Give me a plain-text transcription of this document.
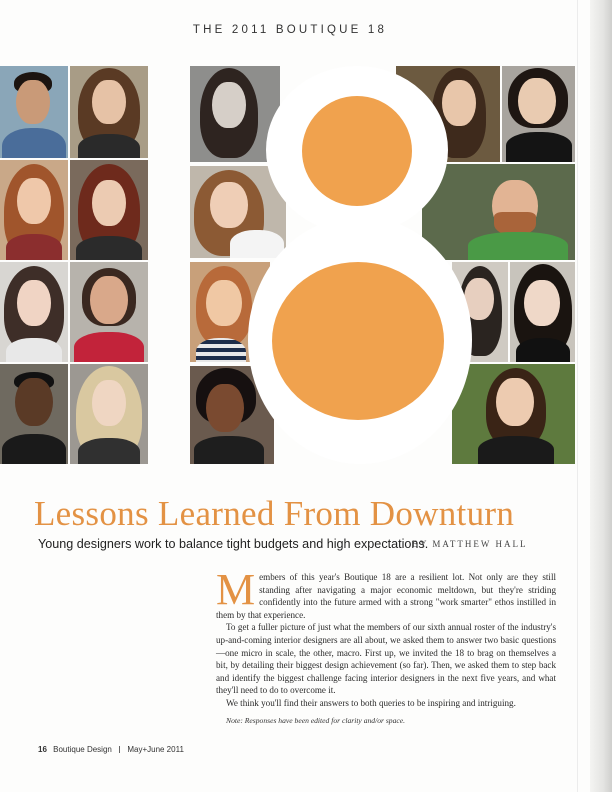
THE 2011 BOUTIQUE 18
Lessons Learned From Downturn
Young designers work to balance tight budgets and high expectations.
BY MATTHEW HALL

Members of this year's Boutique 18 are a resilient lot. Not only are they still standing after navigating a major economic meltdown, but they're striding confidently into the future armed with a strong "work smarter" ethos instilled in them by that experience.

To get a fuller picture of just what the members of our sixth annual roster of the industry's up-and-coming interior designers are all about, we asked them to answer two basic questions—one micro in scale, the other, macro. First up, we invited the 18 to brag on themselves a bit, by detailing their biggest design achievement (so far). Then, we asked them to step back and identify the biggest challenge facing interior designers in the next five years, and what they'll need to do to overcome it.

We think you'll find their answers to both queries to be inspiring and intriguing.

Note: Responses have been edited for clarity and/or space.
16 Boutique Design May+June 2011
